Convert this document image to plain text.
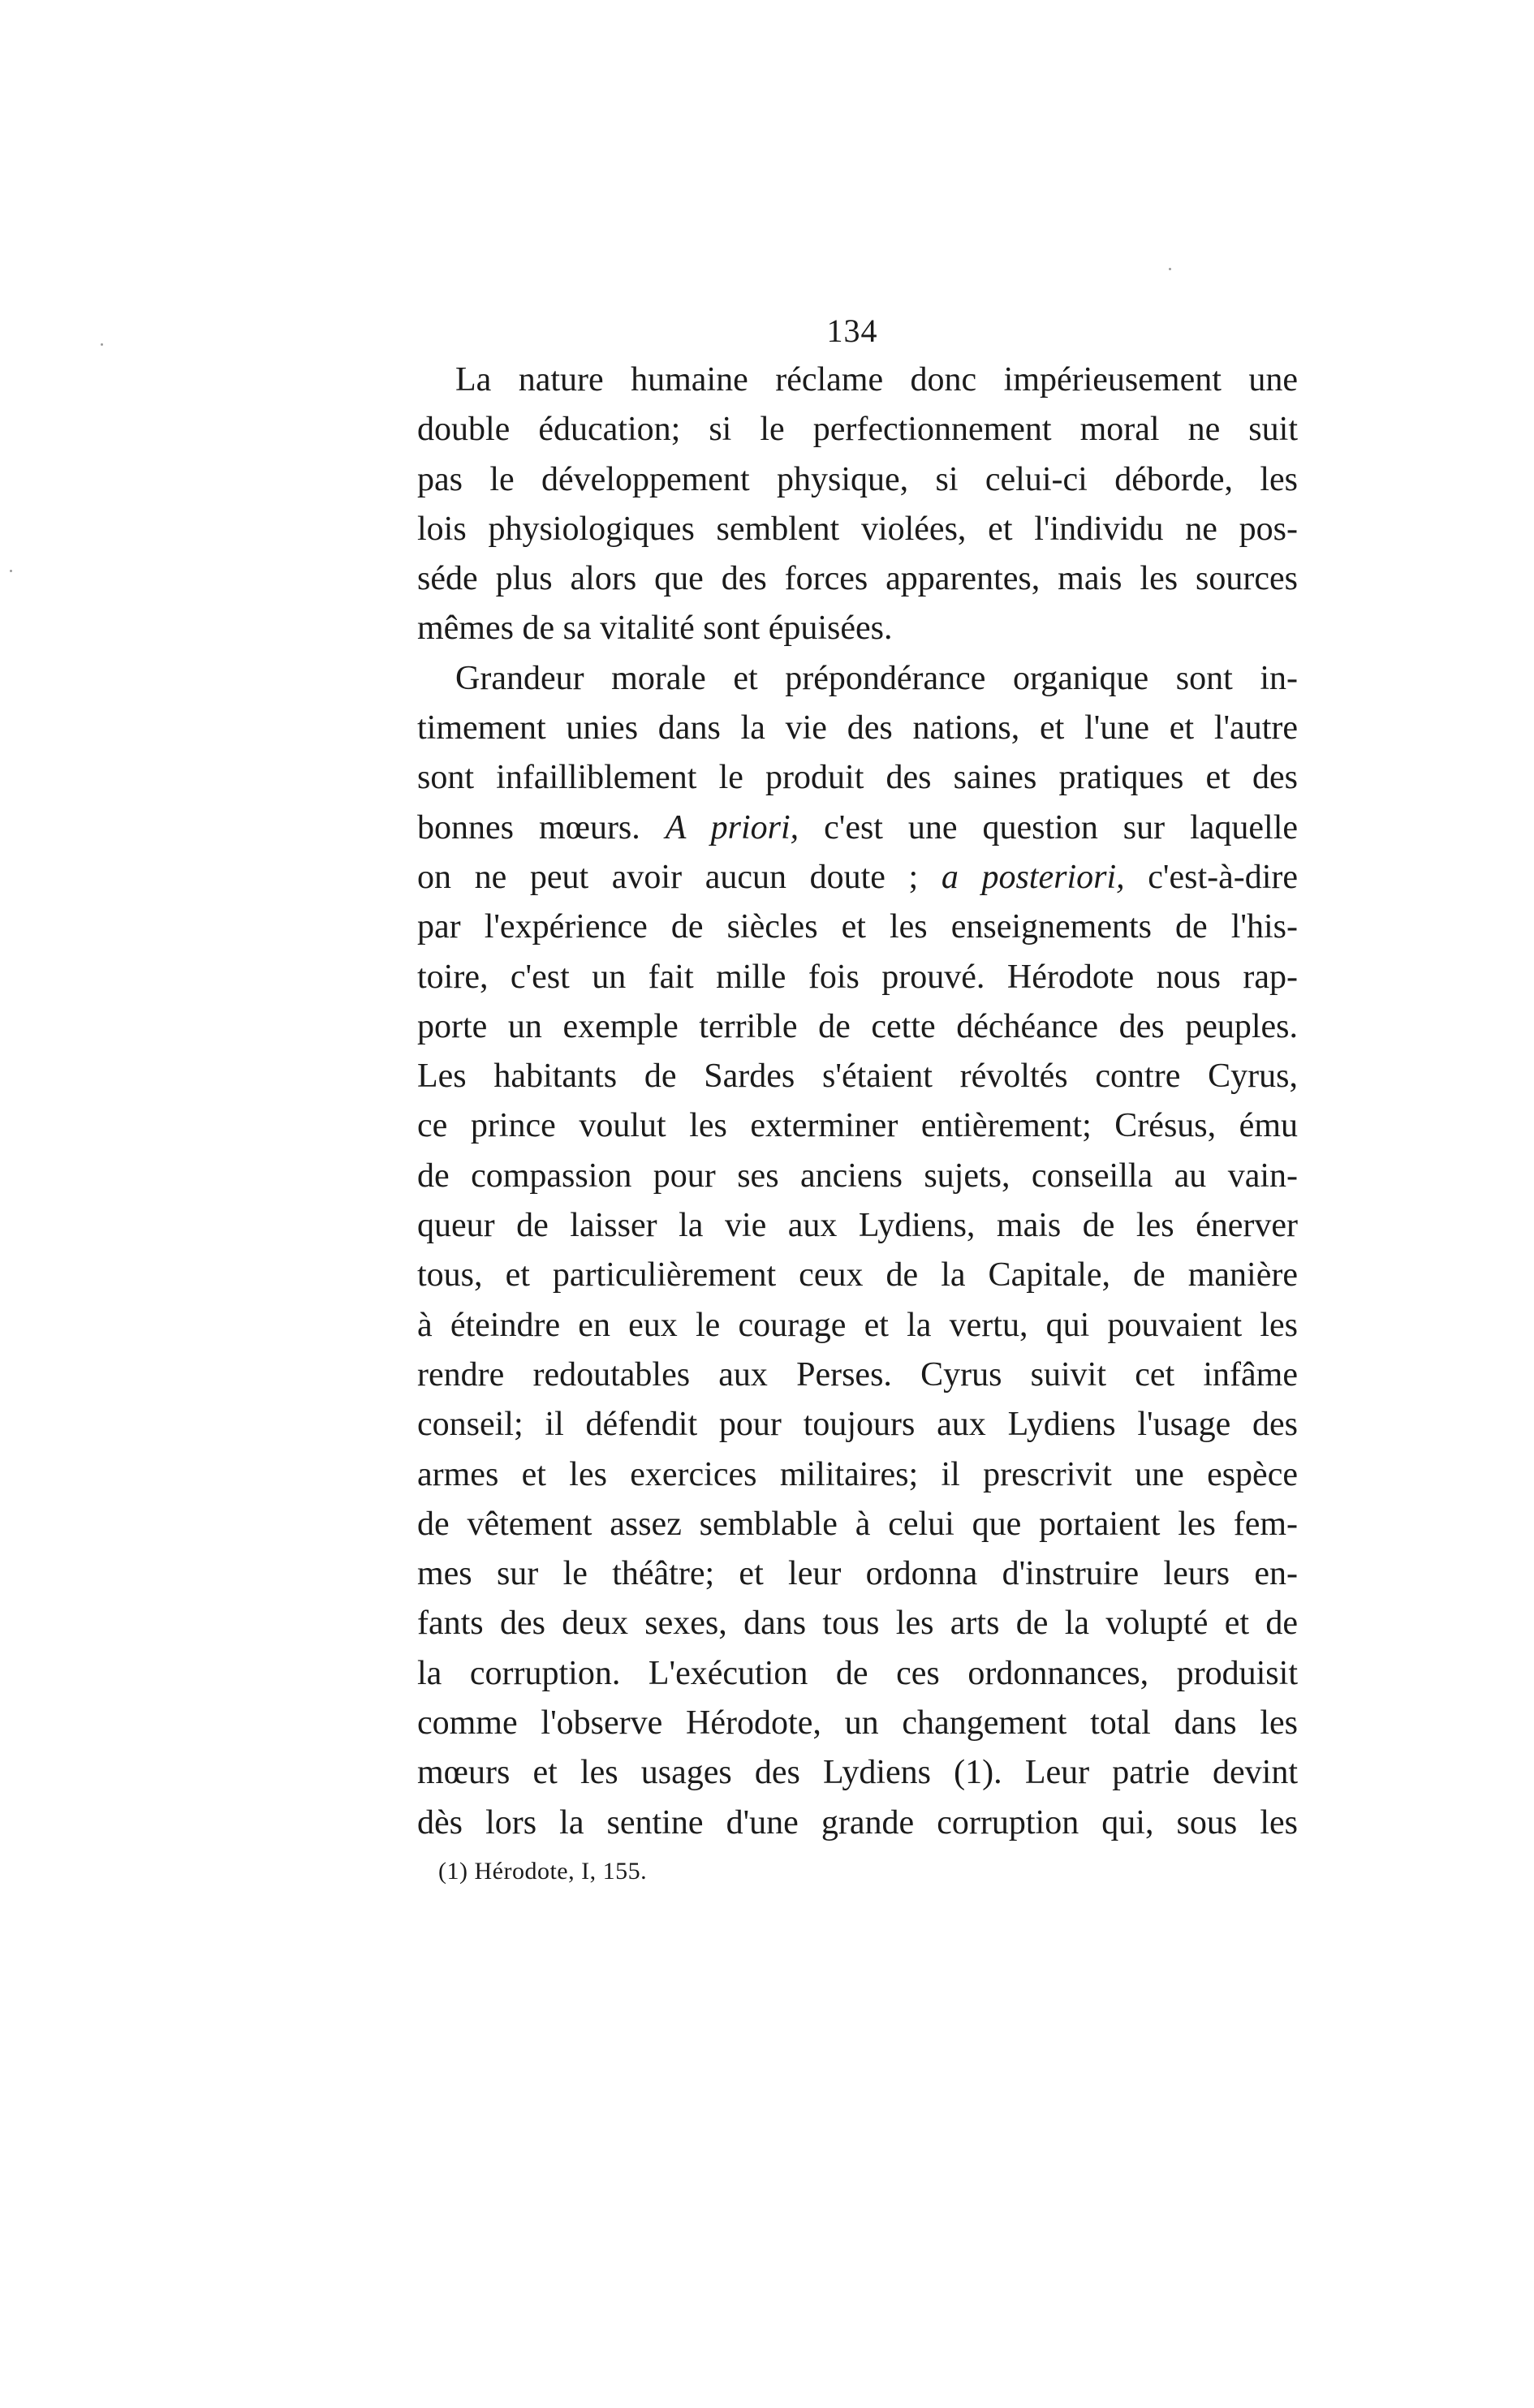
134
La nature humaine réclame donc impérieusement une
double éducation; si le perfectionnement moral ne suit
pas le développement physique, si celui-ci déborde, les
lois physiologiques semblent violées, et l'individu ne pos-
séde plus alors que des forces apparentes, mais les sources
mêmes de sa vitalité sont épuisées.
Grandeur morale et prépondérance organique sont in-
timement unies dans la vie des nations, et l'une et l'autre
sont infailliblement le produit des saines pratiques et des
bonnes mœurs. A priori, c'est une question sur laquelle
on ne peut avoir aucun doute ; a posteriori, c'est-à-dire
par l'expérience de siècles et les enseignements de l'his-
toire, c'est un fait mille fois prouvé. Hérodote nous rap-
porte un exemple terrible de cette déchéance des peuples.
Les habitants de Sardes s'étaient révoltés contre Cyrus,
ce prince voulut les exterminer entièrement; Crésus, ému
de compassion pour ses anciens sujets, conseilla au vain-
queur de laisser la vie aux Lydiens, mais de les énerver
tous, et particulièrement ceux de la Capitale, de manière
à éteindre en eux le courage et la vertu, qui pouvaient les
rendre redoutables aux Perses. Cyrus suivit cet infâme
conseil; il défendit pour toujours aux Lydiens l'usage des
armes et les exercices militaires; il prescrivit une espèce
de vêtement assez semblable à celui que portaient les fem-
mes sur le théâtre; et leur ordonna d'instruire leurs en-
fants des deux sexes, dans tous les arts de la volupté et de
la corruption. L'exécution de ces ordonnances, produisit
comme l'observe Hérodote, un changement total dans les
mœurs et les usages des Lydiens (1). Leur patrie devint
dès lors la sentine d'une grande corruption qui, sous les
(1) Hérodote, I, 155.
